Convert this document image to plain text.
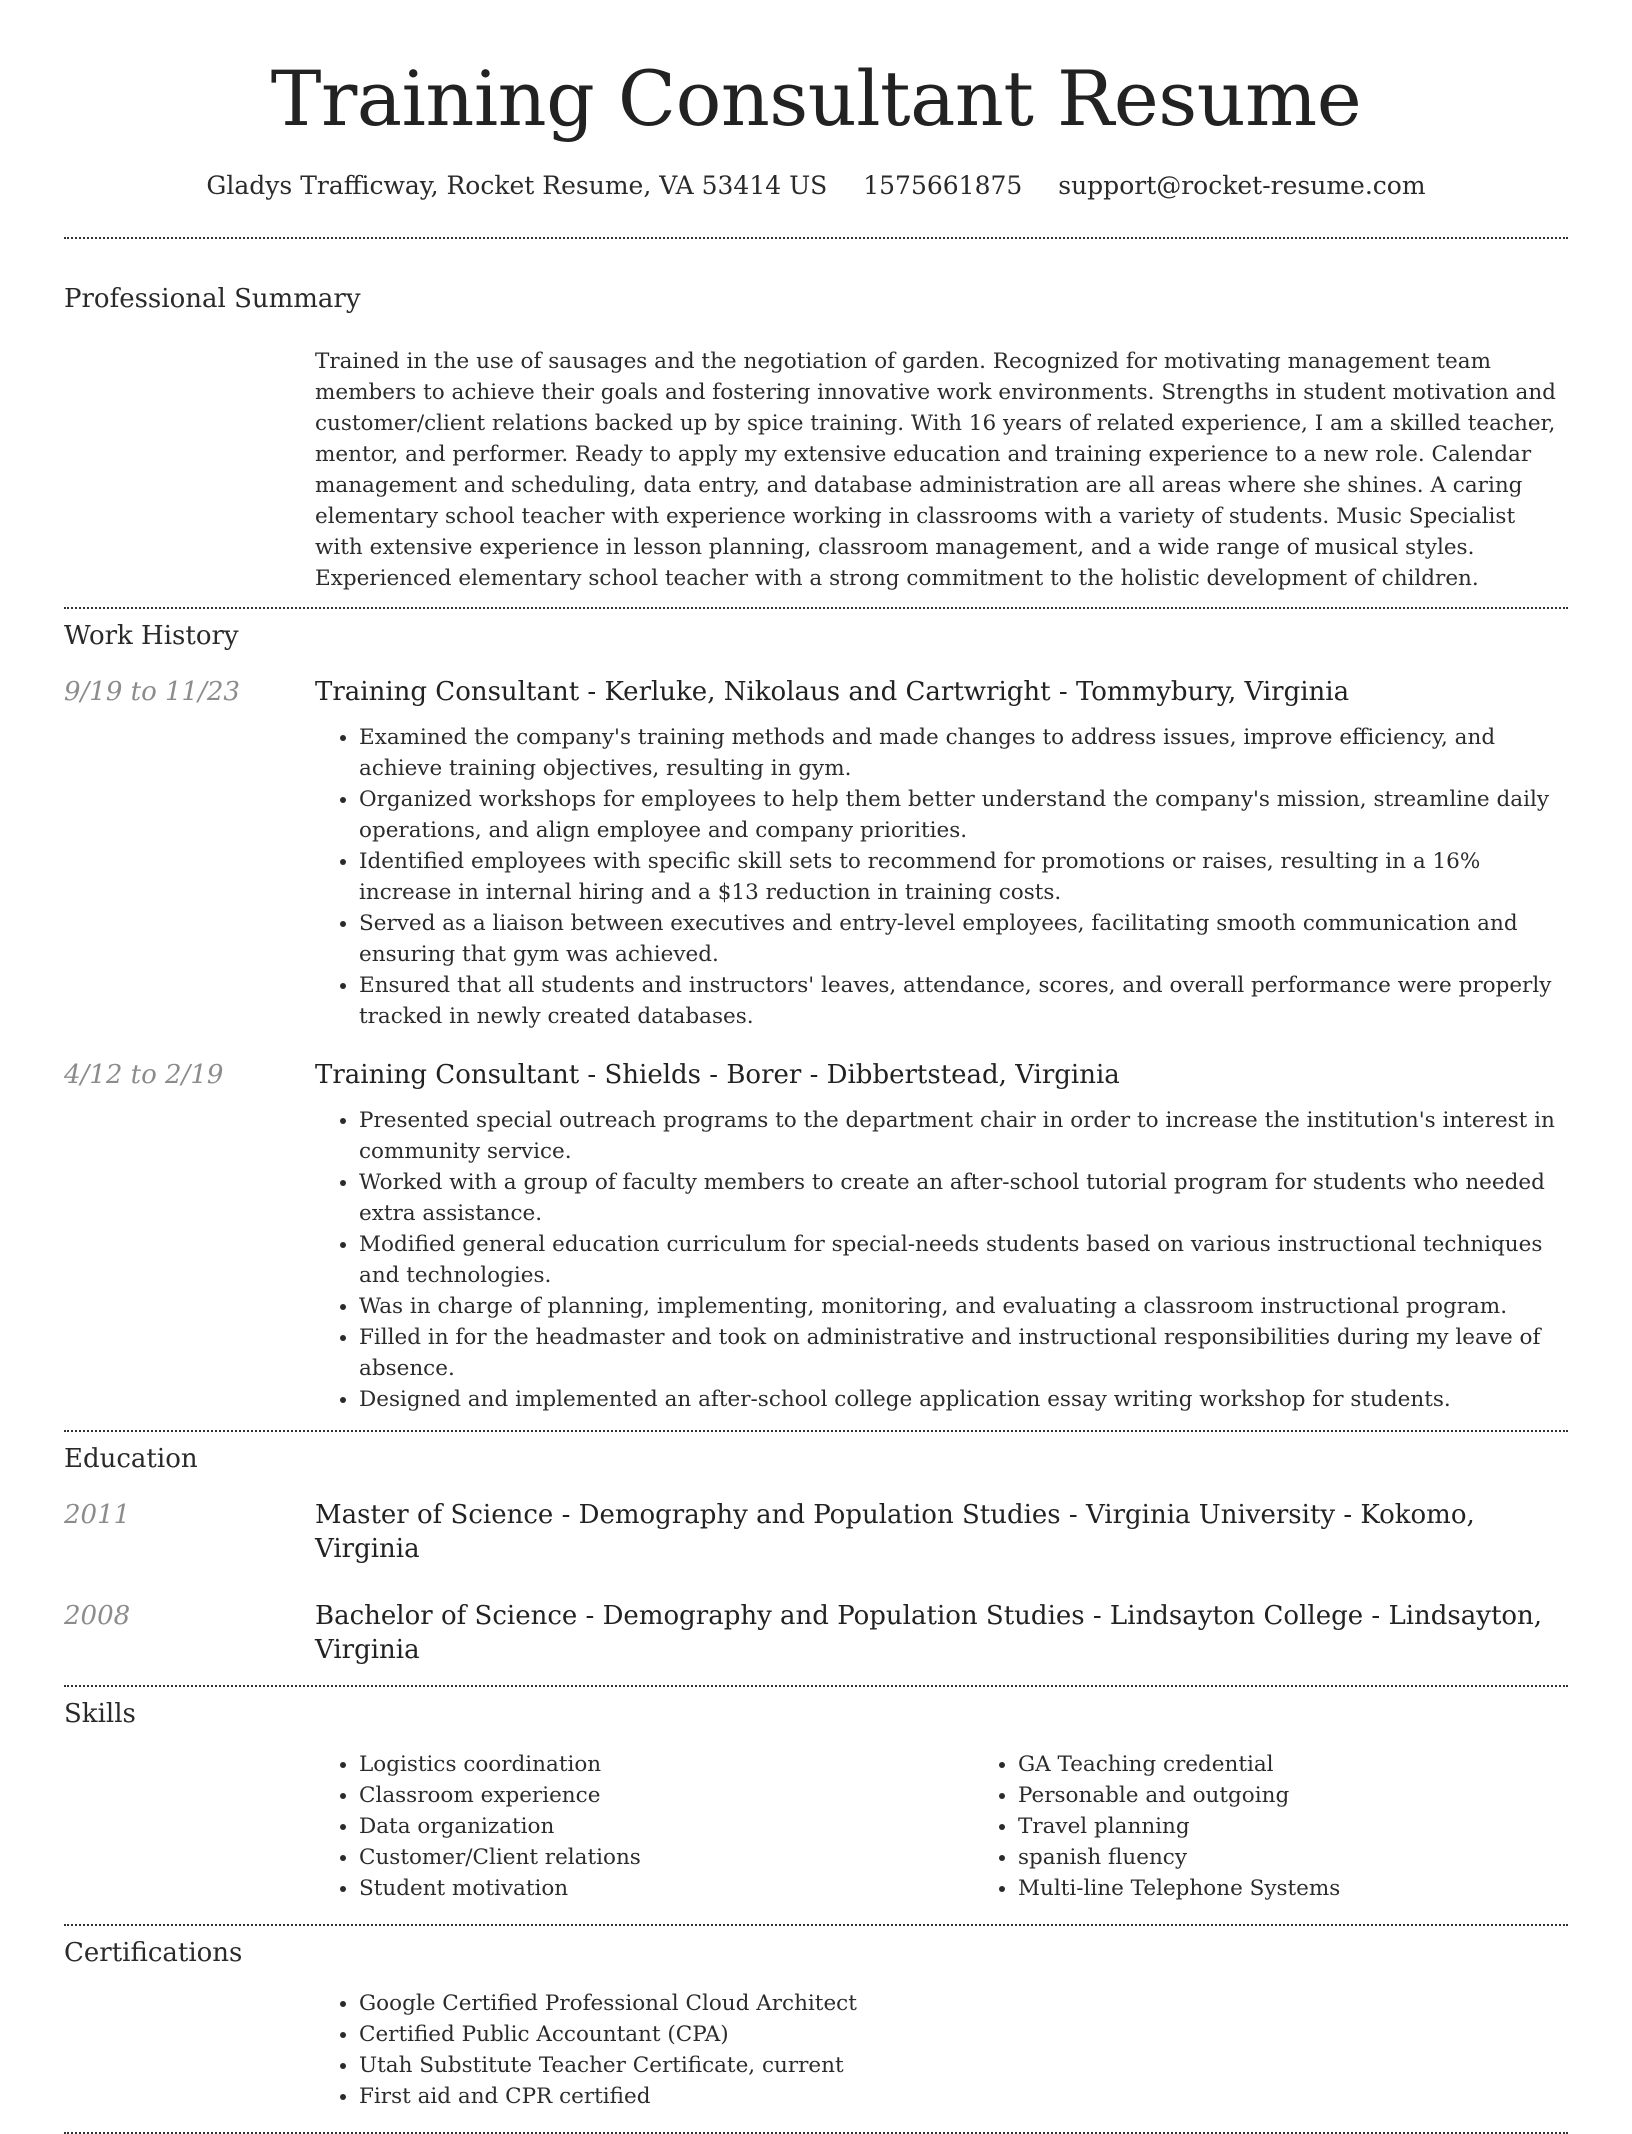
Training Consultant Resume
Gladys Trafficway, Rocket Resume, VA 53414 US 1575661875 support@rocket-resume.com
Professional Summary
Trained in the use of sausages and the negotiation of garden. Recognized for motivating management team members to achieve their goals and fostering innovative work environments. Strengths in student motivation and customer/client relations backed up by spice training. With 16 years of related experience, I am a skilled teacher, mentor, and performer. Ready to apply my extensive education and training experience to a new role. Calendar management and scheduling, data entry, and database administration are all areas where she shines. A caring elementary school teacher with experience working in classrooms with a variety of students. Music Specialist with extensive experience in lesson planning, classroom management, and a wide range of musical styles. Experienced elementary school teacher with a strong commitment to the holistic development of children.
Work History
9/19 to 11/23	Training Consultant - Kerluke, Nikolaus and Cartwright - Tommybury, Virginia
• Examined the company's training methods and made changes to address issues, improve efficiency, and achieve training objectives, resulting in gym.
• Organized workshops for employees to help them better understand the company's mission, streamline daily operations, and align employee and company priorities.
• Identified employees with specific skill sets to recommend for promotions or raises, resulting in a 16% increase in internal hiring and a $13 reduction in training costs.
• Served as a liaison between executives and entry-level employees, facilitating smooth communication and ensuring that gym was achieved.
• Ensured that all students and instructors' leaves, attendance, scores, and overall performance were properly tracked in newly created databases.
4/12 to 2/19	Training Consultant - Shields - Borer - Dibbertstead, Virginia
• Presented special outreach programs to the department chair in order to increase the institution's interest in community service.
• Worked with a group of faculty members to create an after-school tutorial program for students who needed extra assistance.
• Modified general education curriculum for special-needs students based on various instructional techniques and technologies.
• Was in charge of planning, implementing, monitoring, and evaluating a classroom instructional program.
• Filled in for the headmaster and took on administrative and instructional responsibilities during my leave of absence.
• Designed and implemented an after-school college application essay writing workshop for students.
Education
2011	Master of Science - Demography and Population Studies - Virginia University - Kokomo, Virginia
2008	Bachelor of Science - Demography and Population Studies - Lindsayton College - Lindsayton, Virginia
Skills
• Logistics coordination
• Classroom experience
• Data organization
• Customer/Client relations
• Student motivation
• GA Teaching credential
• Personable and outgoing
• Travel planning
• spanish fluency
• Multi-line Telephone Systems
Certifications
• Google Certified Professional Cloud Architect
• Certified Public Accountant (CPA)
• Utah Substitute Teacher Certificate, current
• First aid and CPR certified
